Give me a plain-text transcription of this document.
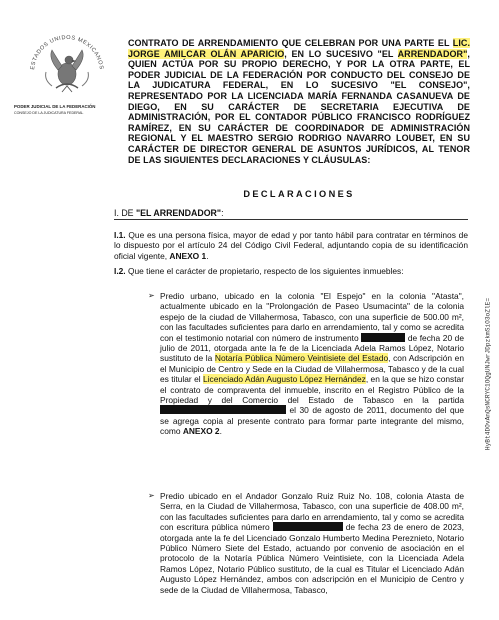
ESTADOS UNIDOS MEXICANOS
PODER JUDICIAL DE LA FEDERACIÓN
CONSEJO DE LA JUDICATURA FEDERAL
HyBt4DOvAnQsNCRYC1OQgUNJwrJDpzkmSiO3oZlE=

CONTRATO DE ARRENDAMIENTO QUE CELEBRAN POR UNA PARTE EL LIC. JORGE AMILCAR OLÁN APARICIO, EN LO SUCESIVO "EL ARRENDADOR", QUIEN ACTÚA POR SU PROPIO DERECHO, Y POR LA OTRA PARTE, EL PODER JUDICIAL DE LA FEDERACIÓN POR CONDUCTO DEL CONSEJO DE LA JUDICATURA FEDERAL, EN LO SUCESIVO "EL CONSEJO", REPRESENTADO POR LA LICENCIADA MARÍA FERNANDA CASANUEVA DE DIEGO, EN SU CARÁCTER DE SECRETARIA EJECUTIVA DE ADMINISTRACIÓN, POR EL CONTADOR PÚBLICO FRANCISCO RODRÍGUEZ RAMÍREZ, EN SU CARÁCTER DE COORDINADOR DE ADMINISTRACIÓN REGIONAL Y EL MAESTRO SERGIO RODRIGO NAVARRO LOUBET, EN SU CARÁCTER DE DIRECTOR GENERAL DE ASUNTOS JURÍDICOS, AL TENOR DE LAS SIGUIENTES DECLARACIONES Y CLÁUSULAS:

DECLARACIONES
I. DE "EL ARRENDADOR":
I.1. Que es una persona física, mayor de edad y por tanto hábil para contratar en términos de lo dispuesto por el artículo 24 del Código Civil Federal, adjuntando copia de su identificación oficial vigente, ANEXO 1.
I.2. Que tiene el carácter de propietario, respecto de los siguientes inmuebles:
➢ Predio urbano, ubicado en la colonia "El Espejo" en la colonia "Atasta", actualmente ubicado en la "Prolongación de Paseo Usumacinta" de la colonia espejo de la ciudad de Villahermosa, Tabasco, con una superficie de 500.00 m², con las facultades suficientes para darlo en arrendamiento, tal y como se acredita con el testimonio notarial con número de instrumento	de fecha 20 de julio de 2011, otorgada ante la fe de la Licenciada Adela Ramos López, Notario sustituto de la Notaría Pública Número Veintisiete del Estado, con Adscripción en el Municipio de Centro y Sede en la Ciudad de Villahermosa, Tabasco y de la cual es titular el Licenciado Adán Augusto López Hernández, en la que se hizo constar el contrato de compraventa del inmueble, inscrito en el Registro Público de la Propiedad y del Comercio del Estado de Tabasco en la partida  el 30 de agosto de 2011, documento del que se agrega copia al presente contrato para formar parte integrante del mismo, como ANEXO 2.
➢ Predio ubicado en el Andador Gonzalo Ruiz Ruiz No. 108, colonia Atasta de Serra, en la Ciudad de Villahermosa, Tabasco, con una superficie de 408.00 m², con las facultades suficientes para darlo en arrendamiento, tal y como se acredita con escritura pública número	de fecha 23 de enero de 2023, otorgada ante la fe del Licenciado Gonzalo Humberto Medina Pereznieto, Notario Público Número Siete del Estado, actuando por convenio de asociación en el protocolo de la Notaría Pública Número Veintisiete, con la Licenciada Adela Ramos López, Notario Público sustituto, de la cual es Titular el Licenciado Adán Augusto López Hernández, ambos con adscripción en el Municipio de Centro y sede de la Ciudad de Villahermosa, Tabasco,
